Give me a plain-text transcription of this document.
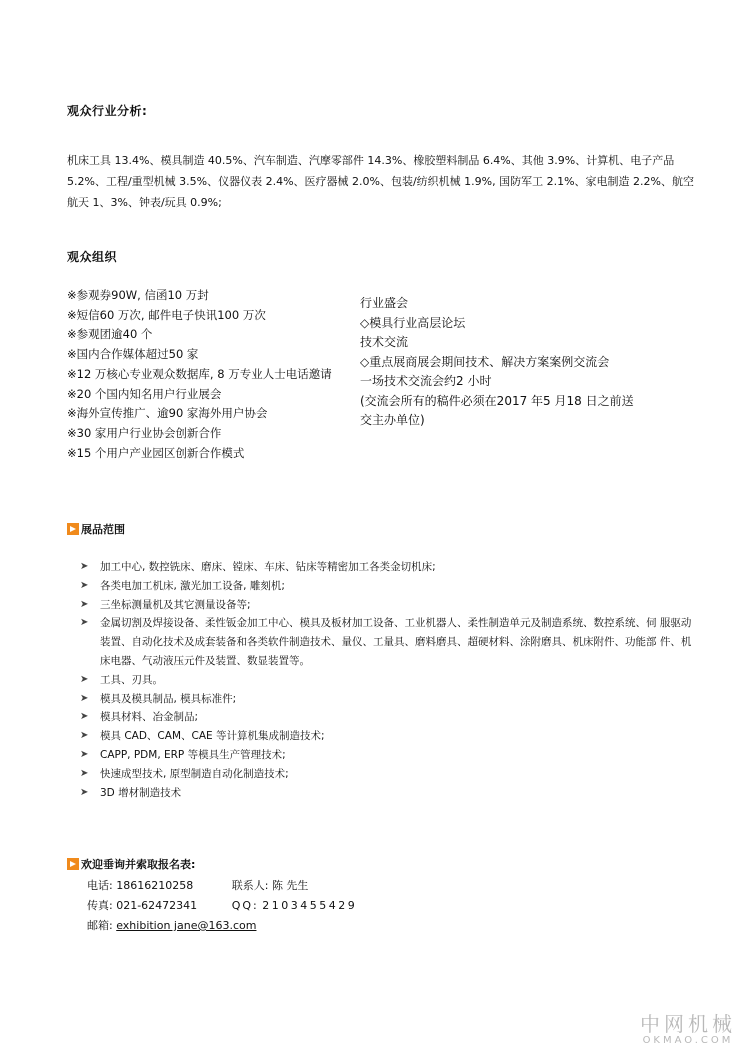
观众行业分析:
机床工具 13.4%、模具制造 40.5%、汽车制造、汽摩零部件 14.3%、橡胶塑料制品 6.4%、其他 3.9%、计算机、电子产品 5.2%、工程/重型机械 3.5%、仪器仪表 2.4%、医疗器械 2.0%、包装/纺织机械 1.9%, 国防军工 2.1%、家电制造 2.2%、航空航天 1、3%、钟表/玩具 0.9%;
观众组织
※参观券90W, 信函10 万封
※短信60 万次, 邮件电子快讯100 万次
※参观团逾40 个
※国内合作媒体超过50 家
※12 万核心专业观众数据库, 8 万专业人士电话邀请
※20 个国内知名用户行业展会
※海外宣传推广、逾90 家海外用户协会
※30 家用户行业协会创新合作
※15 个用户产业园区创新合作模式
行业盛会
◇模具行业高层论坛
技术交流
◇重点展商展会期间技术、解决方案案例交流会
一场技术交流会约2 小时
(交流会所有的稿件必须在2017 年5 月18 日之前送
交主办单位)
展品范围
➤ 加工中心, 数控铣床、磨床、镗床、车床、钻床等精密加工各类金切机床;
➤ 各类电加工机床, 激光加工设备, 雕刻机;
➤ 三坐标测量机及其它测量设备等;
➤ 金属切割及焊接设备、柔性钣金加工中心、模具及板材加工设备、工业机器人、柔性制造单元及制造系统、数控系统、伺 服驱动装置、自动化技术及成套装备和各类软件制造技术、量仪、工量具、磨料磨具、超硬材料、涂附磨具、机床附件、功能部 件、机 床电器、气动液压元件及装置、数显装置等。
➤ 工具、刃具。
➤ 模具及模具制品, 模具标准件;
➤ 模具材料、冶金制品;
➤ 模具 CAD、CAM、CAE 等计算机集成制造技术;
➤ CAPP, PDM, ERP 等模具生产管理技术;
➤ 快速成型技术, 原型制造自动化制造技术;
➤ 3D 增材制造技术
欢迎垂询并索取报名表:
电话: 18616210258	联系人: 陈 先生
传真: 021-62472341	QQ: 2103455429
邮箱: exhibition jane@163.com
中网机械
OKMAO.COM
